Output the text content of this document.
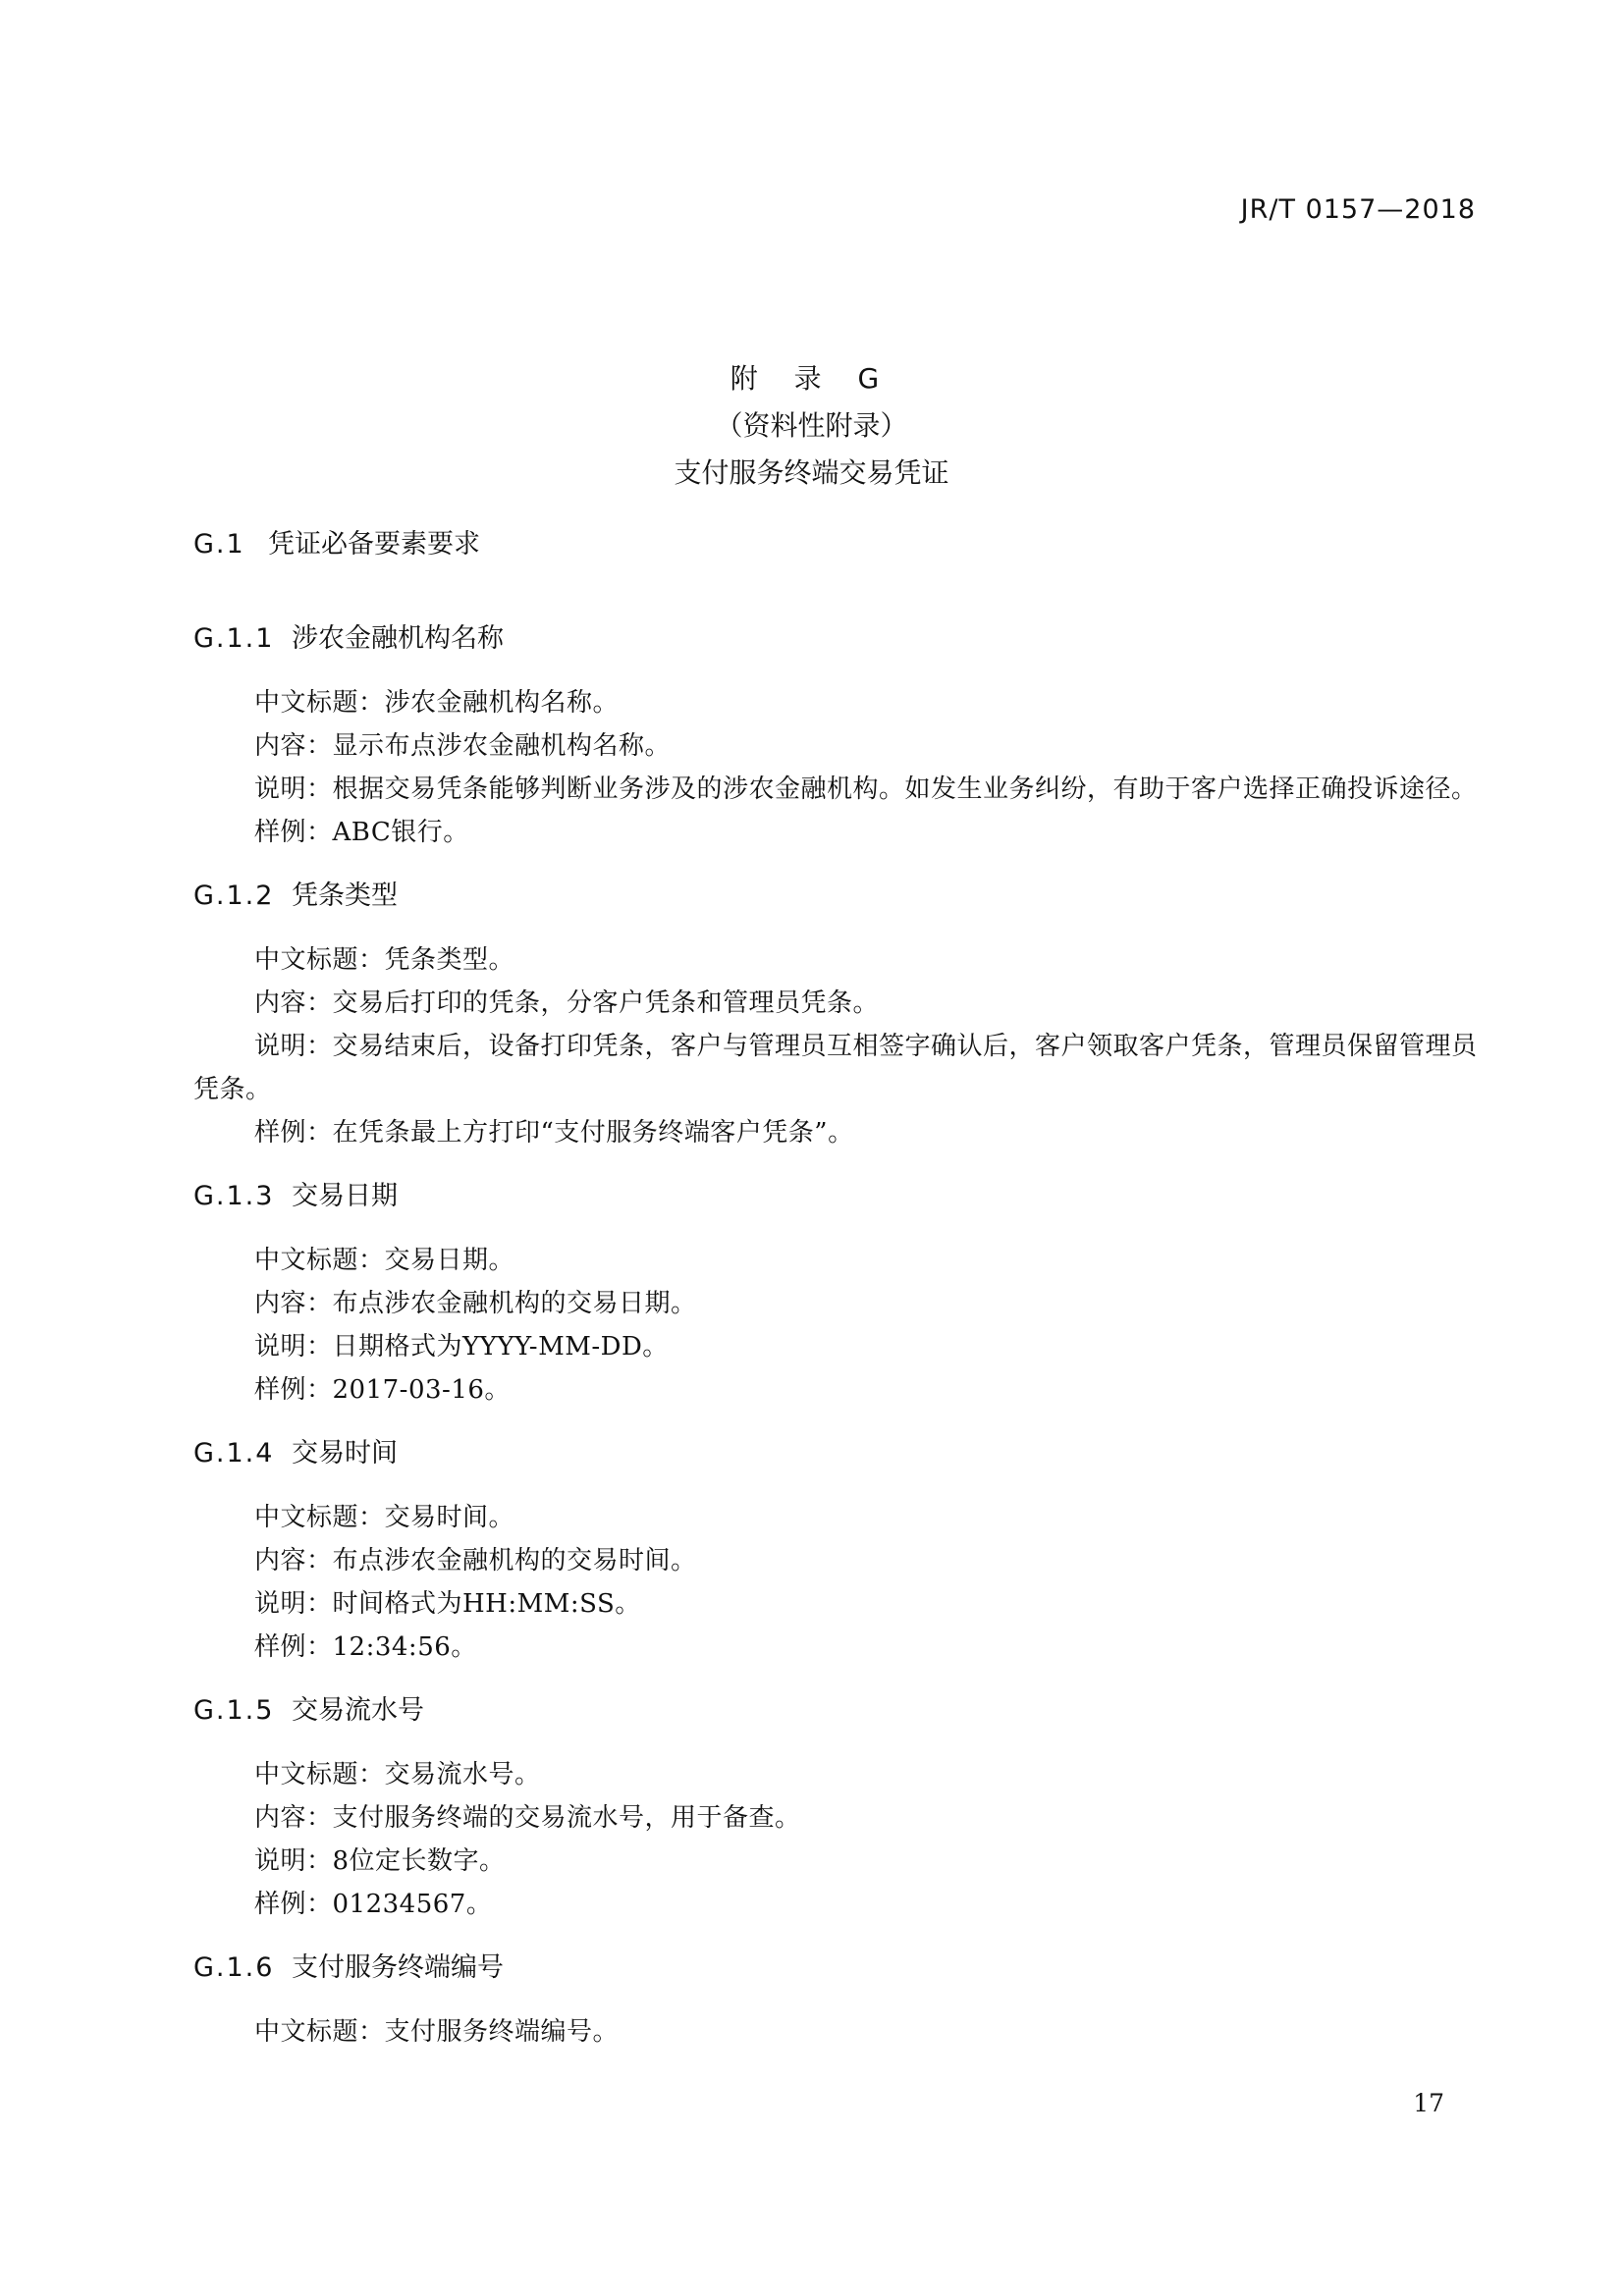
JR/T 0157—2018
附 录 G
（资料性附录）
支付服务终端交易凭证
G.1 凭证必备要素要求
G.1.1 涉农金融机构名称

中文标题：涉农金融机构名称。

内容：显示布点涉农金融机构名称。

说明：根据交易凭条能够判断业务涉及的涉农金融机构。如发生业务纠纷，有助于客户选择正确投诉途径。

样例：ABC银行。

G.1.2 凭条类型

中文标题：凭条类型。

内容：交易后打印的凭条，分客户凭条和管理员凭条。

说明：交易结束后，设备打印凭条，客户与管理员互相签字确认后，客户领取客户凭条，管理员保留管理员凭条。

样例：在凭条最上方打印“支付服务终端客户凭条”。

G.1.3 交易日期

中文标题：交易日期。

内容：布点涉农金融机构的交易日期。

说明：日期格式为YYYY-MM-DD。

样例：2017-03-16。

G.1.4 交易时间

中文标题：交易时间。

内容：布点涉农金融机构的交易时间。

说明：时间格式为HH:MM:SS。

样例：12:34:56。

G.1.5 交易流水号

中文标题：交易流水号。

内容：支付服务终端的交易流水号，用于备查。

说明：8位定长数字。

样例：01234567。

G.1.6 支付服务终端编号

中文标题：支付服务终端编号。

17
